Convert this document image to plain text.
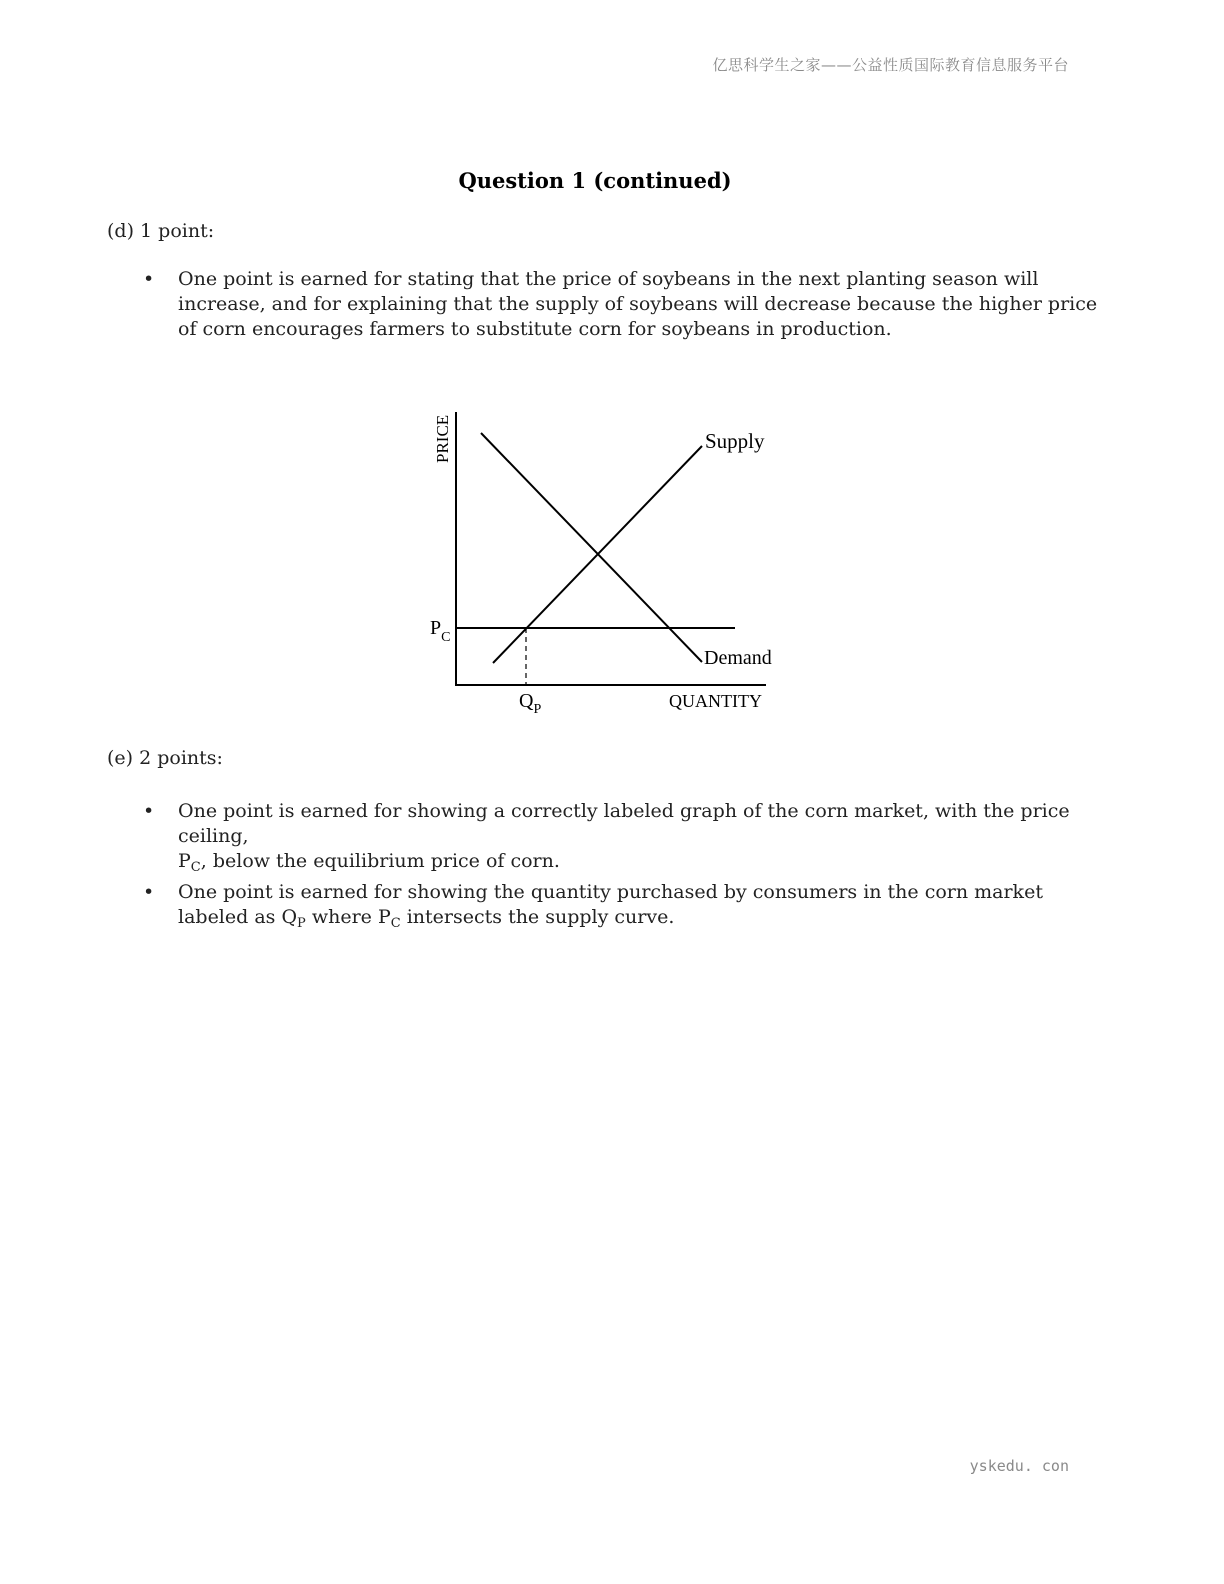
亿思科学生之家——公益性质国际教育信息服务平台
Question 1 (continued)
(d) 1 point:
• One point is earned for stating that the price of soybeans in the next planting season will increase, and for explaining that the supply of soybeans will decrease because the higher price of corn encourages farmers to substitute corn for soybeans in production.
PRICE	Supply
Demand
QUANTITY
$P_C$
$Q_P$
(e) 2 points:
• One point is earned for showing a correctly labeled graph of the corn market, with the price ceiling,
$P_C$, below the equilibrium price of corn.
• One point is earned for showing the quantity purchased by consumers in the corn market labeled as $Q_P$ where $P_C$ intersects the supply curve.
yskedu. con
